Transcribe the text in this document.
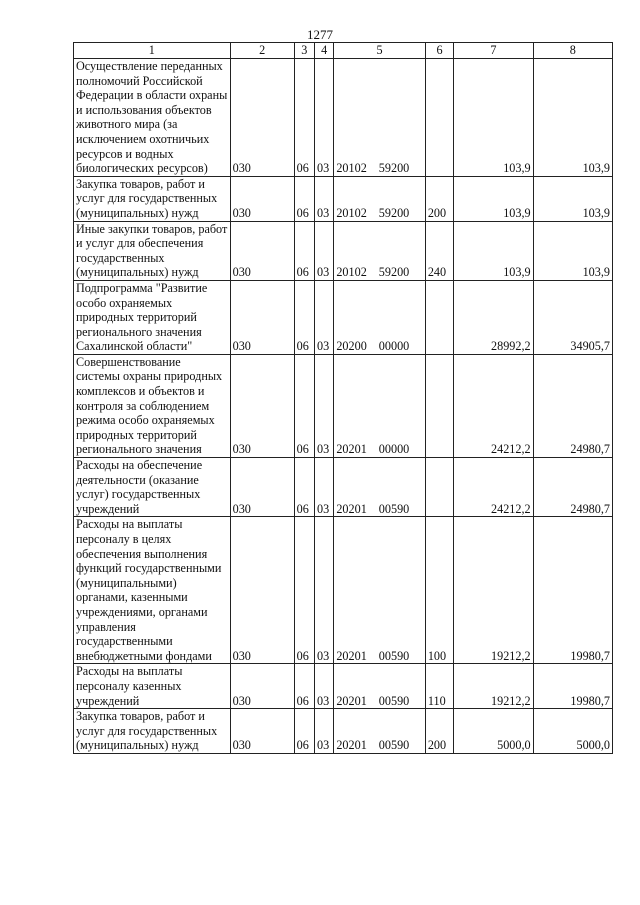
1277
1	2	3	4	5	6	7	8
Осуществление переданных полномочий Российской Федерации в области охраны и использования объектов животного мира (за исключением охотничьих ресурсов и водных биологических ресурсов)	030	06	03	20102 59200		103,9	103,9
Закупка товаров, работ и услуг для государственных (муниципальных) нужд	030	06	03	20102 59200	200	103,9	103,9
Иные закупки товаров, работ и услуг для обеспечения государственных (муниципальных) нужд	030	06	03	20102 59200	240	103,9	103,9
Подпрограмма "Развитие особо охраняемых природных территорий регионального значения Сахалинской области"	030	06	03	20200 00000		28992,2	34905,7
Совершенствование системы охраны природных комплексов и объектов и контроля за соблюдением режима особо охраняемых природных территорий регионального значения	030	06	03	20201 00000		24212,2	24980,7
Расходы на обеспечение деятельности (оказание услуг) государственных учреждений	030	06	03	20201 00590		24212,2	24980,7
Расходы на выплаты персоналу в целях обеспечения выполнения функций государственными (муниципальными) органами, казенными учреждениями, органами управления государственными внебюджетными фондами	030	06	03	20201 00590	100	19212,2	19980,7
Расходы на выплаты персоналу казенных учреждений	030	06	03	20201 00590	110	19212,2	19980,7
Закупка товаров, работ и услуг для государственных (муниципальных) нужд	030	06	03	20201 00590	200	5000,0	5000,0
